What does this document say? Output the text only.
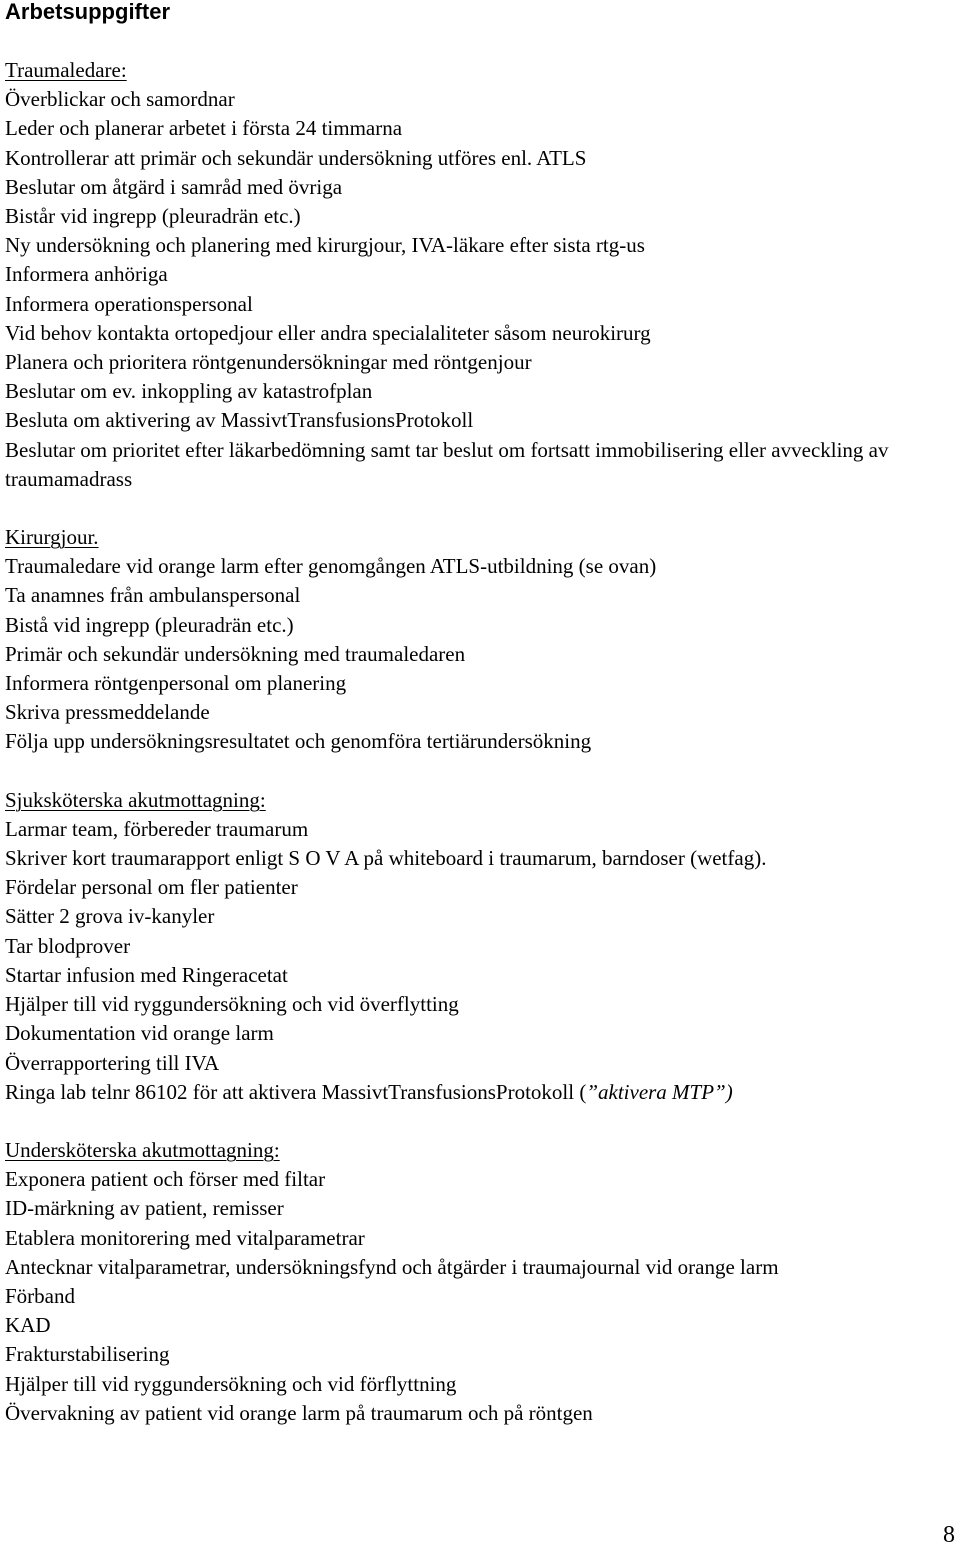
Arbetsuppgifter
Traumaledare:
Överblickar och samordnar
Leder och planerar arbetet i första 24 timmarna
Kontrollerar att primär och sekundär undersökning utföres enl. ATLS
Beslutar om åtgärd i samråd med övriga
Bistår vid ingrepp (pleuradrän etc.)
Ny undersökning och planering med kirurgjour, IVA-läkare efter sista rtg-us
Informera anhöriga
Informera operationspersonal
Vid behov kontakta ortopedjour eller andra specialaliteter såsom neurokirurg
Planera och prioritera röntgenundersökningar med röntgenjour
Beslutar om ev. inkoppling av katastrofplan
Besluta om aktivering av MassivtTransfusionsProtokoll
Beslutar om prioritet efter läkarbedömning samt tar beslut om fortsatt immobilisering eller avveckling av traumamadrass
Kirurgjour.
Traumaledare vid orange larm efter genomgången ATLS-utbildning (se ovan)
Ta anamnes från ambulanspersonal
Bistå vid ingrepp (pleuradrän etc.)
Primär och sekundär undersökning med traumaledaren
Informera röntgenpersonal om planering
Skriva pressmeddelande
Följa upp undersökningsresultatet och genomföra tertiärundersökning
Sjuksköterska akutmottagning:
Larmar team, förbereder traumarum
Skriver kort traumarapport enligt S O V A på whiteboard i traumarum, barndoser (wetfag).
Fördelar personal om fler patienter
Sätter 2 grova iv-kanyler
Tar blodprover
Startar infusion med Ringeracetat
Hjälper till vid ryggundersökning och vid överflytting
Dokumentation vid orange larm
Överrapportering till IVA
Ringa lab telnr 86102 för att aktivera MassivtTransfusionsProtokoll (”aktivera MTP”)
Undersköterska akutmottagning:
Exponera patient och förser med filtar
ID-märkning av patient, remisser
Etablera monitorering med vitalparametrar
Antecknar vitalparametrar, undersökningsfynd och åtgärder i traumajournal vid orange larm
Förband
KAD
Frakturstabilisering
Hjälper till vid ryggundersökning och vid förflyttning
Övervakning av patient vid orange larm på traumarum och på röntgen
8
